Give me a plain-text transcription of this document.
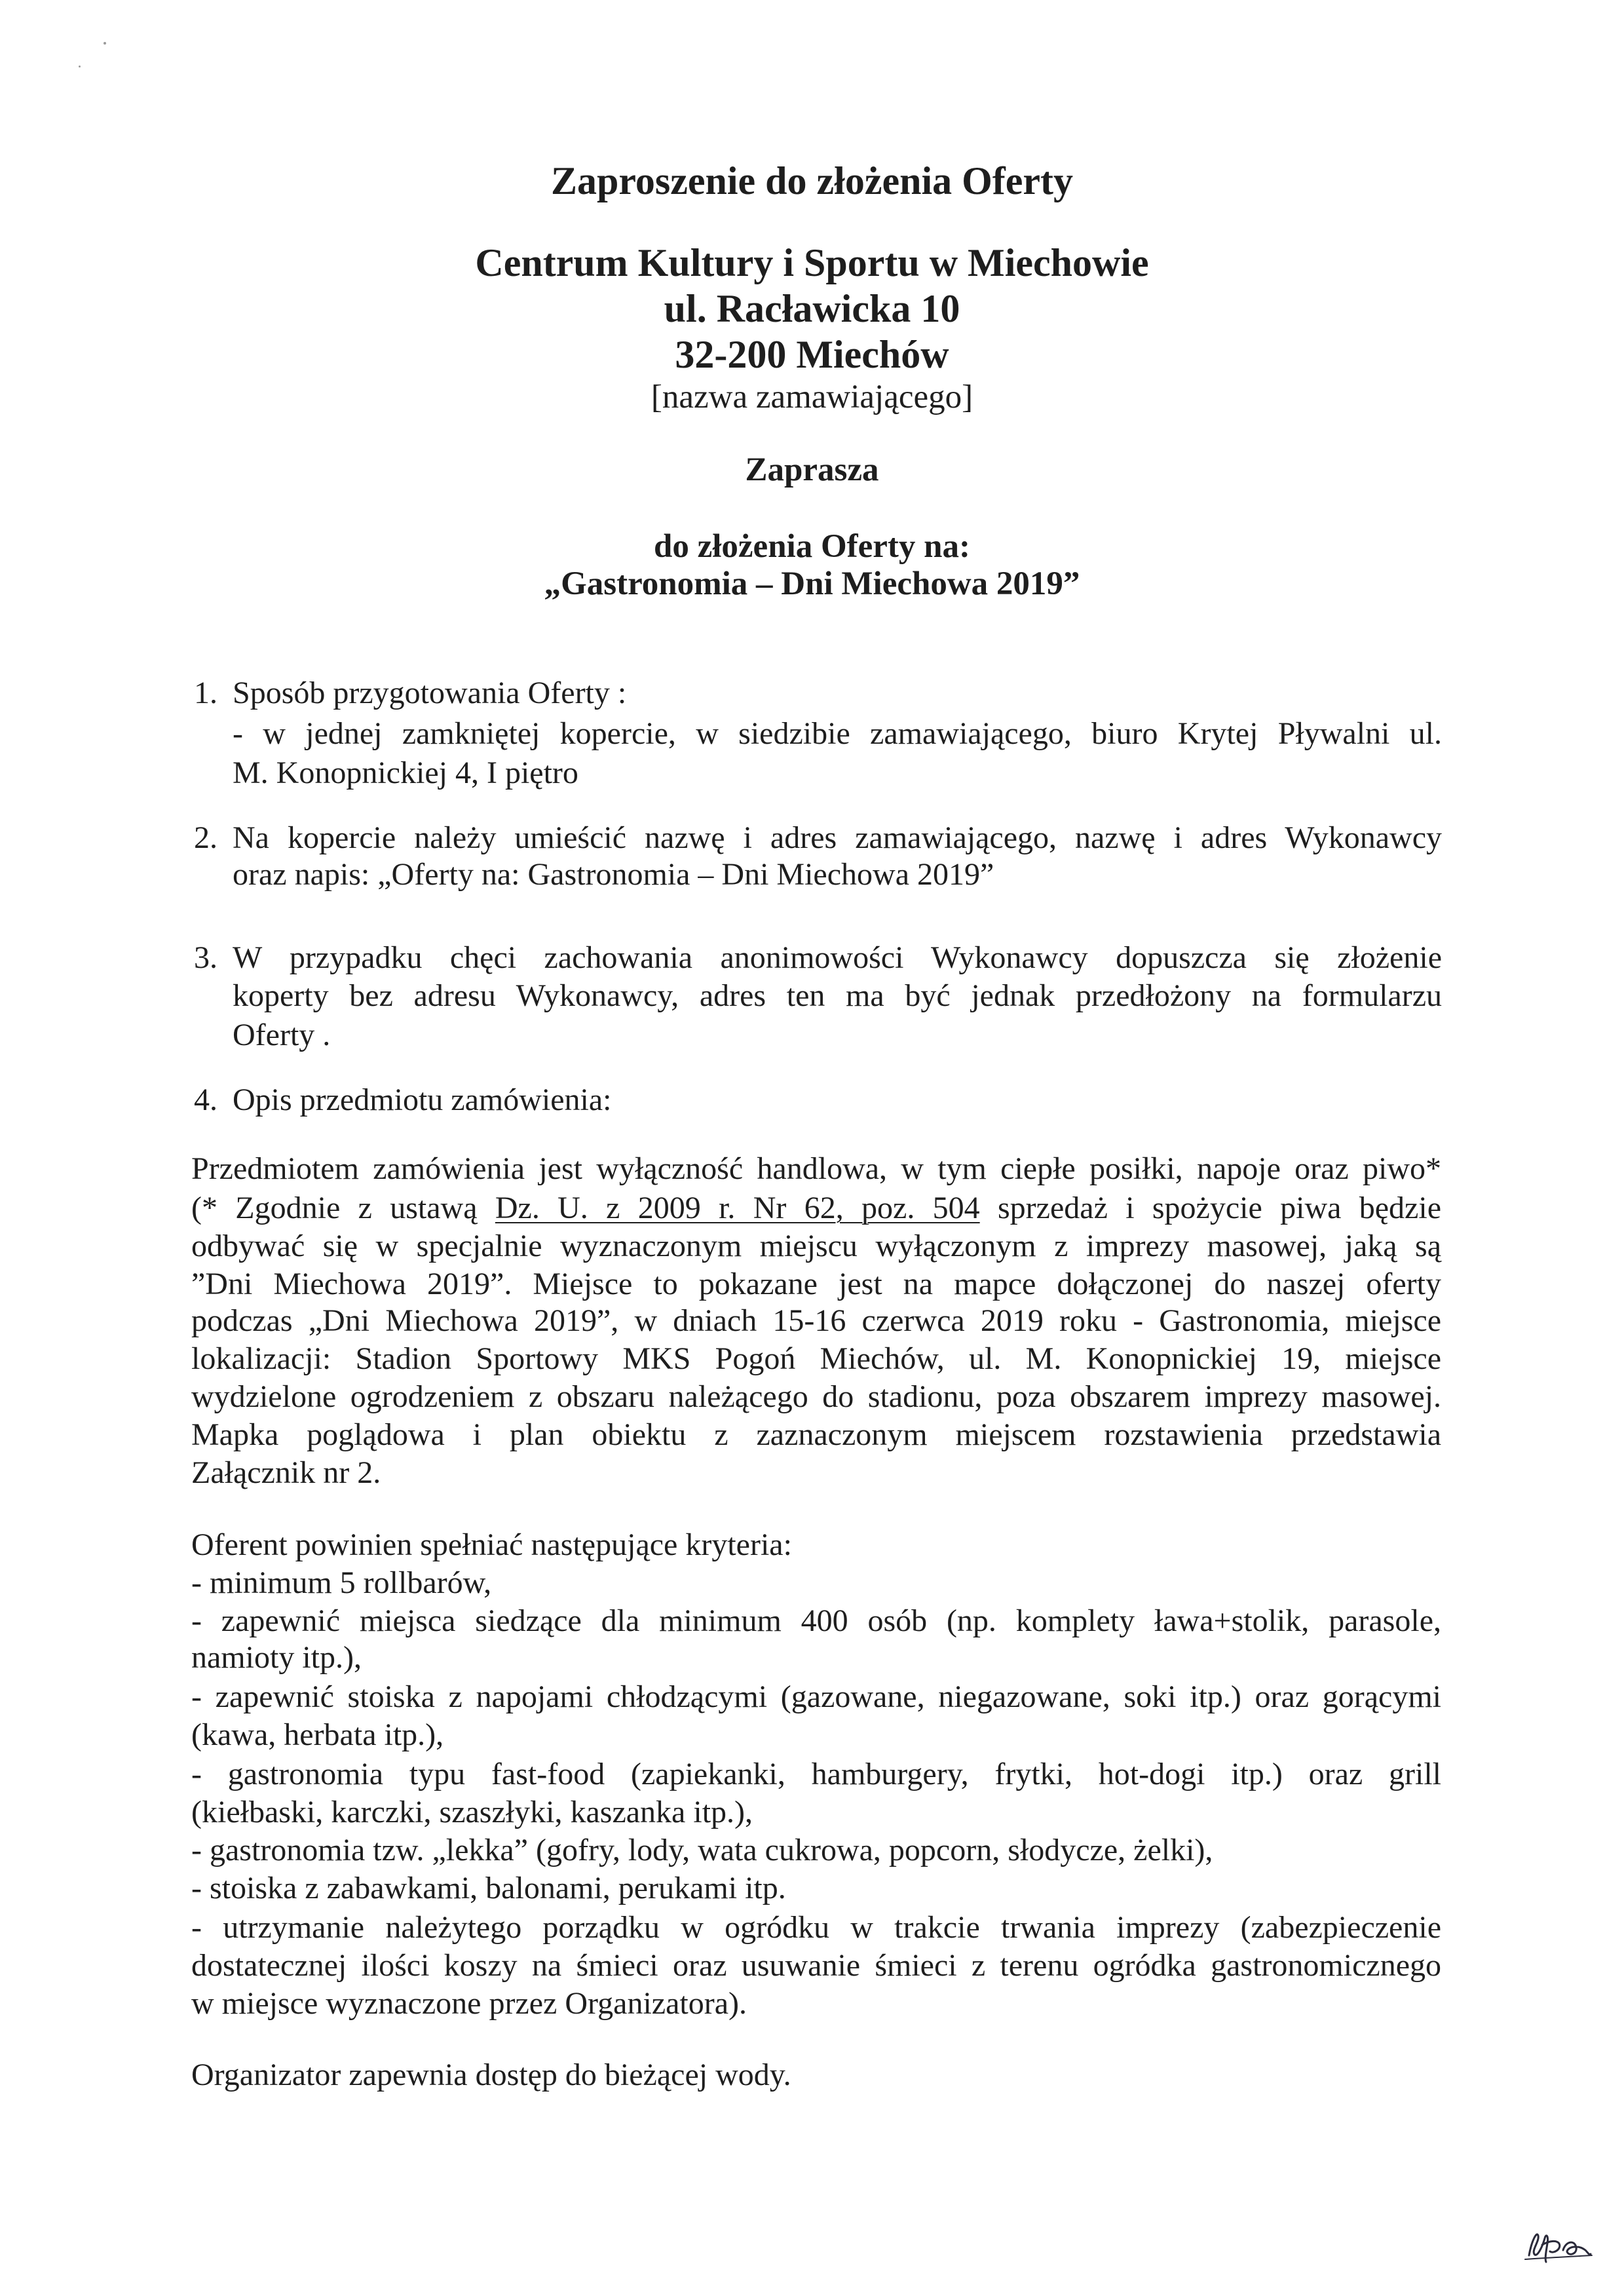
Zaproszenie do złożenia Oferty
Centrum Kultury i Sportu w Miechowie
ul. Racławicka 10
32-200 Miechów
[nazwa zamawiającego]
Zaprasza
do złożenia Oferty na:
„Gastronomia – Dni Miechowa 2019”
1. Sposób przygotowania Oferty :
- w jednej zamkniętej kopercie, w siedzibie zamawiającego, biuro Krytej Pływalni ul.
M. Konopnickiej 4, I piętro
2. Na kopercie należy umieścić nazwę i adres zamawiającego, nazwę i adres Wykonawcy
oraz napis: „Oferty na: Gastronomia – Dni Miechowa 2019”
3. W przypadku chęci zachowania anonimowości Wykonawcy dopuszcza się złożenie
koperty bez adresu Wykonawcy, adres ten ma być jednak przedłożony na formularzu
Oferty .
4. Opis przedmiotu zamówienia:
Przedmiotem zamówienia jest wyłączność handlowa, w tym ciepłe posiłki, napoje oraz piwo*
(* Zgodnie z ustawą Dz. U. z 2009 r. Nr 62, poz. 504 sprzedaż i spożycie piwa będzie
odbywać się w specjalnie wyznaczonym miejscu wyłączonym z imprezy masowej, jaką są
”Dni Miechowa 2019”. Miejsce to pokazane jest na mapce dołączonej do naszej oferty
podczas „Dni Miechowa 2019”, w dniach 15-16 czerwca 2019 roku - Gastronomia, miejsce
lokalizacji: Stadion Sportowy MKS Pogoń Miechów, ul. M. Konopnickiej 19, miejsce
wydzielone ogrodzeniem z obszaru należącego do stadionu, poza obszarem imprezy masowej.
Mapka poglądowa i plan obiektu z zaznaczonym miejscem rozstawienia przedstawia
Załącznik nr 2.
Oferent powinien spełniać następujące kryteria:
- minimum 5 rollbarów,
- zapewnić miejsca siedzące dla minimum 400 osób (np. komplety ława+stolik, parasole,
namioty itp.),
- zapewnić stoiska z napojami chłodzącymi (gazowane, niegazowane, soki itp.) oraz gorącymi
(kawa, herbata itp.),
- gastronomia typu fast-food (zapiekanki, hamburgery, frytki, hot-dogi itp.) oraz grill
(kiełbaski, karczki, szaszłyki, kaszanka itp.),
- gastronomia tzw. „lekka” (gofry, lody, wata cukrowa, popcorn, słodycze, żelki),
- stoiska z zabawkami, balonami, perukami itp.
- utrzymanie należytego porządku w ogródku w trakcie trwania imprezy (zabezpieczenie
dostatecznej ilości koszy na śmieci oraz usuwanie śmieci z terenu ogródka gastronomicznego
w miejsce wyznaczone przez Organizatora).
Organizator zapewnia dostęp do bieżącej wody.
